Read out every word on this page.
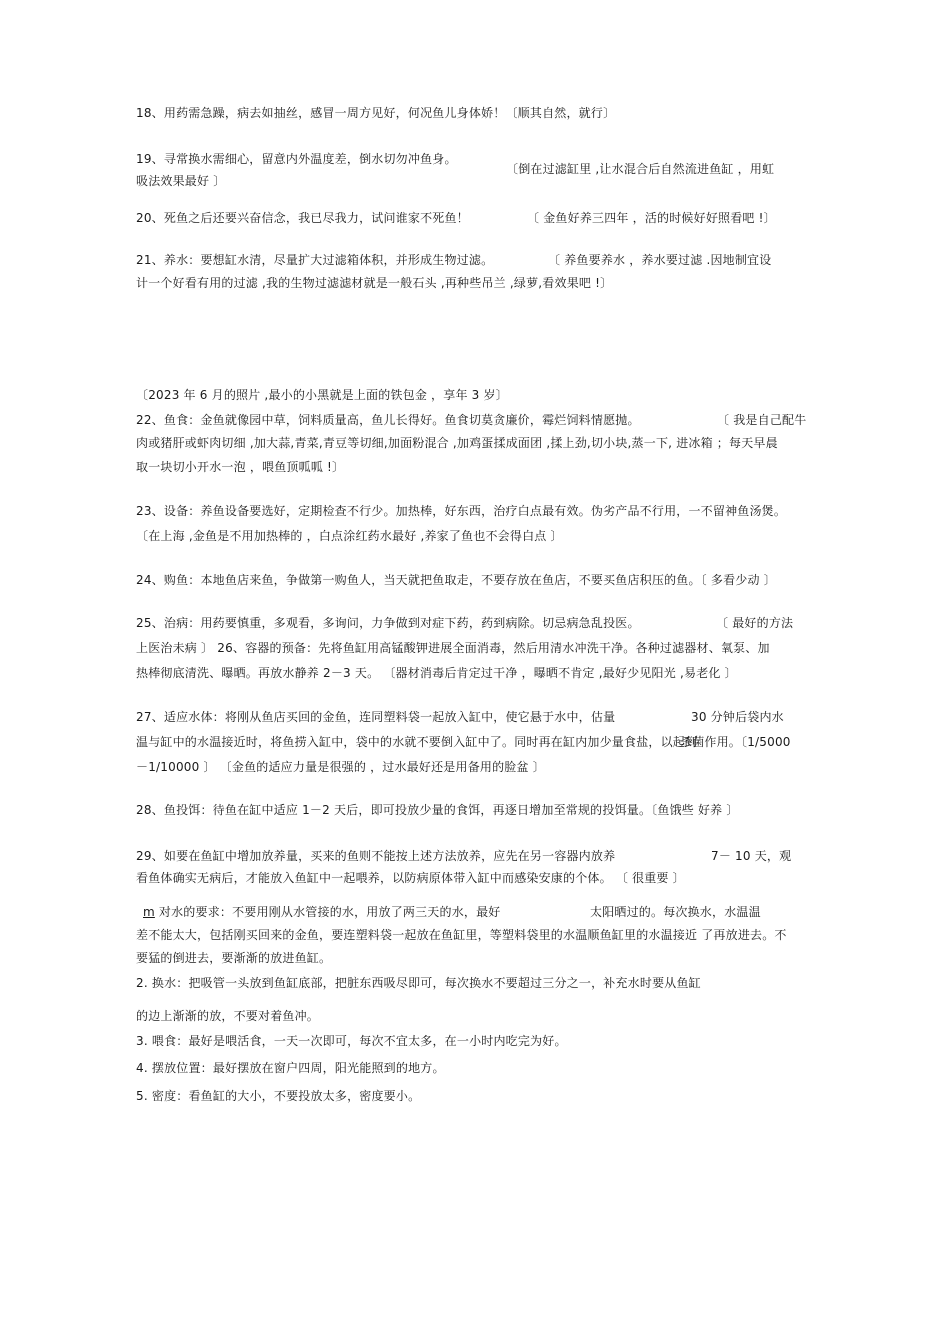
18、用药需急躁，病去如抽丝，感冒一周方见好，何况鱼儿身体娇！〔顺其自然，就行〕
19、寻常换水需细心，留意内外温度差，倒水切勿冲鱼身。
〔倒在过滤缸里 ,让水混合后自然流进鱼缸 ，用虹
吸法效果最好 〕
20、死鱼之后还要兴奋信念，我已尽我力，试问谁家不死鱼！	〔 金鱼好养三四年 ，活的时候好好照看吧 !〕
21、养水：要想缸水清，尽量扩大过滤箱体积，并形成生物过滤。	〔 养鱼要养水 ，养水要过滤 .因地制宜设
计一个好看有用的过滤 ,我的生物过滤滤材就是一般石头 ,再种些吊兰 ,绿萝,看效果吧 !〕
〔2023 年 6 月的照片 ,最小的小黑就是上面的铁包金 ，享年 3 岁〕
22、鱼食：金鱼就像园中草，饲料质量高，鱼儿长得好。鱼食切莫贪廉价，霉烂饲料情愿抛。	〔 我是自己配牛
肉或猪肝或虾肉切细 ,加大蒜,青菜,青豆等切细,加面粉混合 ,加鸡蛋揉成面团 ,揉上劲,切小块,蒸一下, 进冰箱 ；每天早晨
取一块切小开水一泡 ，喂鱼顶呱呱 !〕
23、设备：养鱼设备要选好，定期检查不行少。加热棒，好东西，治疗白点最有效。伪劣产品不行用，一不留神鱼汤煲。
〔在上海 ,金鱼是不用加热棒的 ，白点涂红药水最好 ,养家了鱼也不会得白点 〕
24、购鱼：本地鱼店来鱼，争做第一购鱼人，当天就把鱼取走，不要存放在鱼店，不要买鱼店积压的鱼。〔 多看少动 〕
25、治病：用药要慎重，多观看，多询问，力争做到对症下药，药到病除。切忌病急乱投医。	〔 最好的方法
上医治未病 〕 26、容器的预备：先将鱼缸用高锰酸钾进展全面消毒，然后用清水冲洗干净。各种过滤器材、氧泵、加
热棒彻底清洗、曝晒。再放水静养 2－3 天。 〔器材消毒后肯定过干净 ，曝晒不肯定 ,最好少见阳光 ,易老化 〕
27、适应水体：将刚从鱼店买回的金鱼，连同塑料袋一起放入缸中，使它悬于水中，估量	30 分钟后袋内水
温与缸中的水温接近时，将鱼捞入缸中，袋中的水就不要倒入缸中了。同时再在缸内加少量食盐，以起到
杀菌作用。〔1/5000
－1/10000 〕 〔金鱼的适应力量是很强的 ，过水最好还是用备用的脸盆 〕
28、鱼投饵：待鱼在缸中适应 1－2 天后，即可投放少量的食饵，再逐日增加至常规的投饵量。〔鱼饿些 好养 〕
29、如要在鱼缸中增加放养量，买来的鱼则不能按上述方法放养，应先在另一容器内放养	7－ 10 天，观
看鱼体确实无病后，才能放入鱼缸中一起喂养，以防病原体带入缸中而感染安康的个体。 〔 很重要 〕
m 对水的要求：不要用刚从水管接的水，用放了两三天的水，最好	太阳晒过的。每次换水，水温温
差不能太大，包括刚买回来的金鱼，要连塑料袋一起放在鱼缸里，等塑料袋里的水温顺鱼缸里的水温接近 了再放进去。不
要猛的倒进去，要渐渐的放进鱼缸。
2. 换水：把吸管一头放到鱼缸底部，把脏东西吸尽即可，每次换水不要超过三分之一，补充水时要从鱼缸
的边上渐渐的放，不要对着鱼冲。
3. 喂食：最好是喂活食，一天一次即可，每次不宜太多，在一小时内吃完为好。
4. 摆放位置：最好摆放在窗户四周，阳光能照到的地方。
5. 密度：看鱼缸的大小，不要投放太多，密度要小。
